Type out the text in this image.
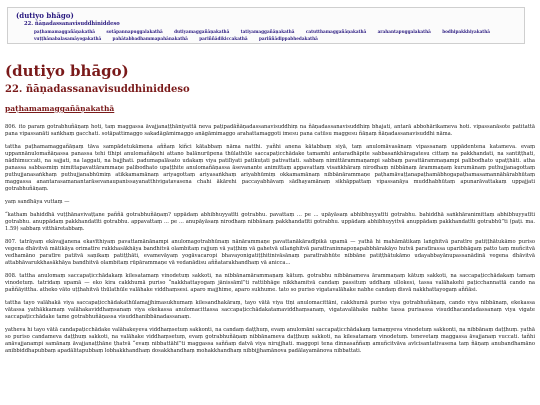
(dutiyo bhāgo)
22. ñāṇadassanavisuddhiniddeso
paṭhamamaggañāṇakathā	sotāpannapuggalakathā	dutiyamaggañāṇakathā	tatiyamaggañāṇakathā	catutthamaggañāṇakathā	arahantapuggalakathā	bodhipakkhiyakathā
vuṭṭhānabalasamāyogakathā	pahātabbadhammapahānakathā	pariññādikiccakathā	pariññādippabhedakathā
(dutiyo bhāgo)
22. ñāṇadassanavisuddhiniddeso
paṭhamamaggañāṇakathā

806. ito paraṃ gotrabhuñāṇaṃ hoti, taṃ maggassa āvajjanaṭṭhāniyattā neva paṭipadāñāṇadassanavisuddhiṃ na ñāṇadassanavisuddhiṃ bhajati, antarā abbohārikameva hoti. vipassanāsote patitattā pana vipassanāti saṅkhaṃ gacchati. sotāpattimaggo sakadāgāmimaggo anāgāmimaggo arahattamaggoti imesu pana catūsu maggesu ñāṇaṃ ñāṇadassanavisuddhi nāma.

tattha paṭhamamaggañāṇaṃ tāva sampādetukāmena aññaṃ kiñci kātabbaṃ nāma natthi. yañhi anena kātabbaṃ siyā, taṃ anulomāvasānaṃ vipassanaṃ uppādentena katameva. evaṃ uppannānulomañāṇassa panassa tehi tīhipi anulomañāṇehi attano balānurūpena thūlathūle saccapaṭicchādake tamamhi antaradhāpite sabbasaṅkhāragatesu cittaṃ na pakkhandati, na santiṭṭhati, nādhimuccati, na sajjati, na laggati, na bajjhati. padumapalāsato udakaṃ viya patilīyati patikuṭati pativattati. sabbaṃ nimittārammaṇampi sabbaṃ pavattārammaṇampi palibodhato upaṭṭhāti. atha panassa sabbasmiṃ nimittapavattārammaṇe palibodhato upaṭṭhite anulomañāṇassa āsevanante animittaṃ appavattaṃ visaṅkhāraṃ nirodhaṃ nibbānaṃ ārammaṇaṃ kurumānaṃ puthujjanagottaṃ puthujjanasaṅkhaṃ puthujjanabhūmiṃ atikkamamānaṃ ariyagottaṃ ariyasaṅkhaṃ ariyabhūmiṃ okkamamānaṃ nibbānārammaṇe paṭhamāvaṭṭanapaṭhamābhogapaṭhamasamannāhārabhūtaṃ maggassa anantarasamanantarāsevanaupanissayanatthivigatavasena chahi ākārehi paccayabhāvaṃ sādhayamānaṃ sikhāppattaṃ vipassanāya muddhabhūtaṃ apunarāvattakaṃ uppajjati gotrabhuñāṇaṃ.

yaṃ sandhāya vuttaṃ —

“katham bahiddhā vuṭṭhānavivaṭṭane paññā gotrabhuñāṇaṃ? uppādaṃ abhibhuyyatīti gotrabhu. pavattaṃ ... pe ... upāyāsaṃ abhibhuyyatīti gotrabhu. bahiddhā saṅkhāranimittaṃ abhibhuyyatīti gotrabhu. anuppādaṃ pakkhandatīti gotrabhu. appavattaṃ ... pe ... anupāyāsaṃ nirodhaṃ nibbānaṃ pakkhandatīti gotrabhu. uppādaṃ abhibhuyyitvā anuppādaṃ pakkhandatīti gotrabhū”ti (paṭi. ma. 1.59) sabbaṃ vitthāretabbaṃ.

807. tatrāyaṃ ekāvajjanena ekavīthiyaṃ pavattamānānampi anulomagotrabhūnaṃ nānārammaṇe pavattanākāradīpikā upamā — yathā hi mahāmātikaṃ laṅghitvā paratīre patiṭṭhātukāmo puriso vegena dhāvitvā mātikāya orimatīre rukkhasākhāya bandhitvā olambitaṃ rajjuṃ vā yaṭṭhiṃ vā gahetvā ullaṅghitvā paratīraninnapoṇapabbhārakāyo hutvā paratīrassa uparibhāgaṃ patto taṃ muñcitvā vedhamāno paratīre patitvā saṇikaṃ patiṭṭhāti, evamevāyaṃ yogāvacaropi bhavayonigatiṭṭhitinivāsānaṃ paratīrabhūte nibbāne patiṭṭhātukāmo udayabbayānupassanādinā vegena dhāvitvā attabhāvarukkhasākhāya bandhitvā olambitaṃ rūpārammaṇe vā vedanādisu aññatarakhandhaṃ vā anicca...

808. tattha anulomaṃ saccapaṭicchādakaṃ kilesatamaṃ vinodetuṃ sakkoti, na nibbānamārammaṇaṃ kātuṃ. gotrabhu nibbānameva ārammaṇaṃ kātuṃ sakkoti, na saccapaṭicchādakaṃ tamaṃ vinodetuṃ. tatridaṃ upamā — eko kira cakkhumā puriso “nakkhattayogaṃ jānissāmī”ti rattibhāge nikkhamitvā candaṃ passituṃ uddhaṃ ullokesi, tassa valāhakehi paṭicchannattā cando na paññāyittha. atheko vāto uṭṭhahitvā thūlathūle valāhake viddhaṃsesi. aparo majjhime, aparo sukhume. tato so puriso vigatavalāhake nabhe candaṃ disvā nakkhattayogaṃ aññāsi.

tattha tayo valāhakā viya saccapaṭicchādakathūlamajjhimasukhumaṃ kilesandhakāraṃ, tayo vātā viya tīṇi anulomacittāni, cakkhumā puriso viya gotrabhuñāṇaṃ, cando viya nibbānaṃ, ekekassa vātassa yathākkamaṃ valāhakaviddhaṃsanaṃ viya ekekassa anulomacittassa saccapaṭicchādakatamaviddhaṃsanaṃ, vigatavalāhake nabhe tassa purisassa visuddhacandadassanaṃ viya vigate saccapaṭicchādake tame gotrabhuñāṇassa visuddhanibbānadassanaṃ.

yatheva hi tayo vātā candapaṭicchādake valāhakeyeva viddhaṃsetuṃ sakkonti, na candaṃ daṭṭhuṃ, evaṃ anulomāni saccapaṭicchādakaṃ tamaṃyeva vinodetuṃ sakkonti, na nibbānaṃ daṭṭhuṃ. yathā so puriso candameva daṭṭhuṃ sakkoti, na valāhake viddhaṃsetuṃ, evaṃ gotrabhuñāṇaṃ nibbānameva daṭṭhuṃ sakkoti, na kilesatamaṃ vinodetuṃ. tenevetaṃ maggassa āvajjanaṃ vuccati. tañhi anāvajjanampi samānaṃ āvajjanaṭṭhāne ṭhatvā “evaṃ nibbattāhī”ti maggassa saññaṃ datvā viya nirujjhati. maggopi tena dinnasaññaṃ amuñcitvāva avīcisantativasena taṃ ñāṇaṃ anubandhamāno anibbiddhapubbaṃ apadālitapubbaṃ lobhakkhandhaṃ dosakkhandhaṃ mohakkhandhaṃ nibbijjhamānova padālayamānova nibbattati.
